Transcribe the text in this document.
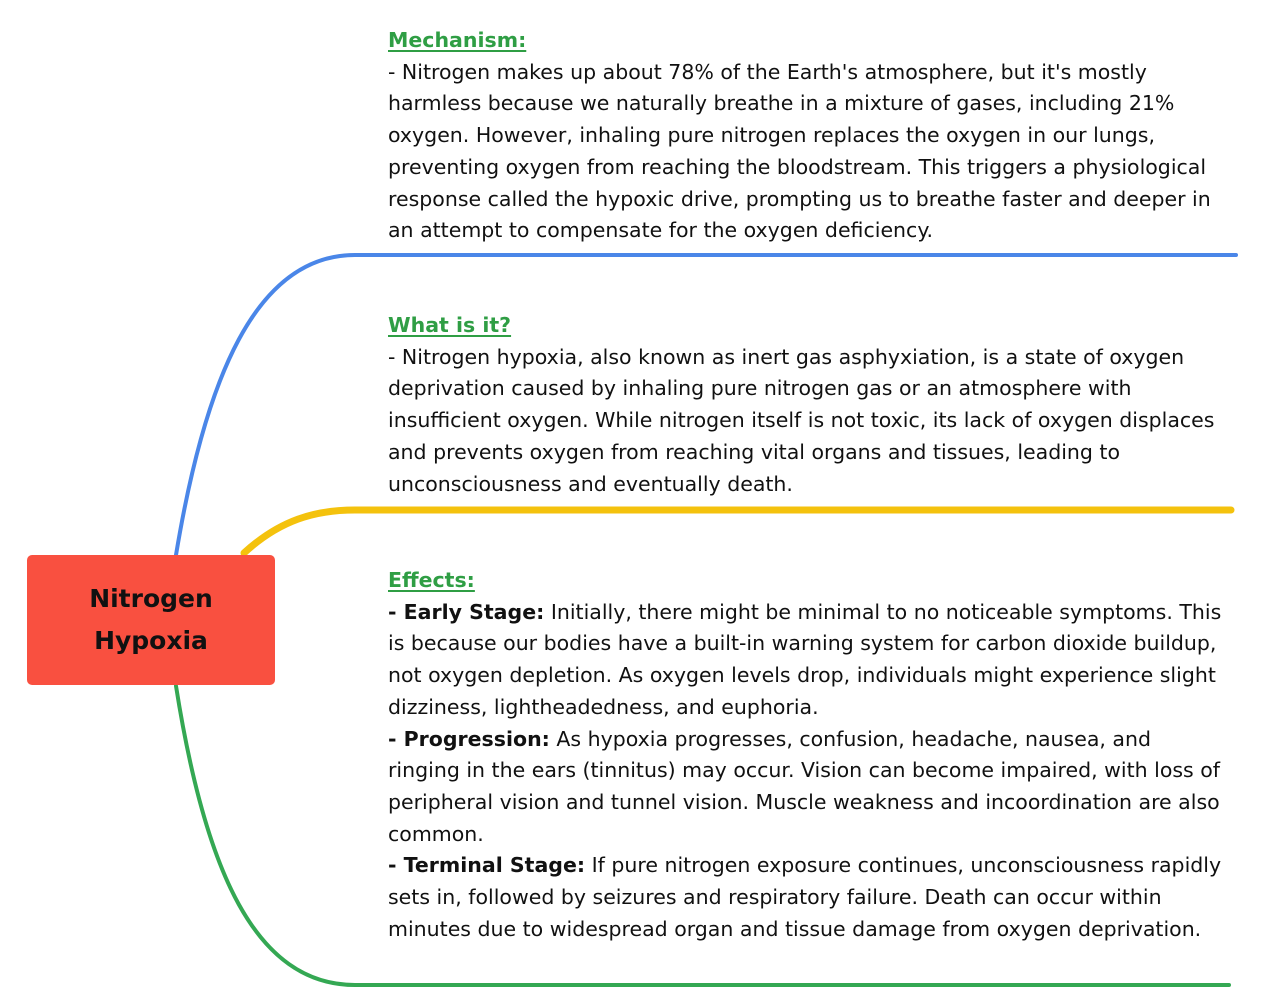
Nitrogen
Hypoxia
Mechanism:

- Nitrogen makes up about 78% of the Earth's atmosphere, but it's mostly harmless because we naturally breathe in a mixture of gases, including 21% oxygen. However, inhaling pure nitrogen replaces the oxygen in our lungs, preventing oxygen from reaching the bloodstream. This triggers a physiological response called the hypoxic drive, prompting us to breathe faster and deeper in an attempt to compensate for the oxygen deficiency.

What is it?

- Nitrogen hypoxia, also known as inert gas asphyxiation, is a state of oxygen deprivation caused by inhaling pure nitrogen gas or an atmosphere with insufficient oxygen. While nitrogen itself is not toxic, its lack of oxygen displaces and prevents oxygen from reaching vital organs and tissues, leading to unconsciousness and eventually death.

Effects:

- Early Stage: Initially, there might be minimal to no noticeable symptoms. This is because our bodies have a built-in warning system for carbon dioxide buildup, not oxygen depletion. As oxygen levels drop, individuals might experience slight dizziness, lightheadedness, and euphoria.

- Progression: As hypoxia progresses, confusion, headache, nausea, and ringing in the ears (tinnitus) may occur. Vision can become impaired, with loss of peripheral vision and tunnel vision. Muscle weakness and incoordination are also common.

- Terminal Stage: If pure nitrogen exposure continues, unconsciousness rapidly sets in, followed by seizures and respiratory failure. Death can occur within minutes due to widespread organ and tissue damage from oxygen deprivation.
